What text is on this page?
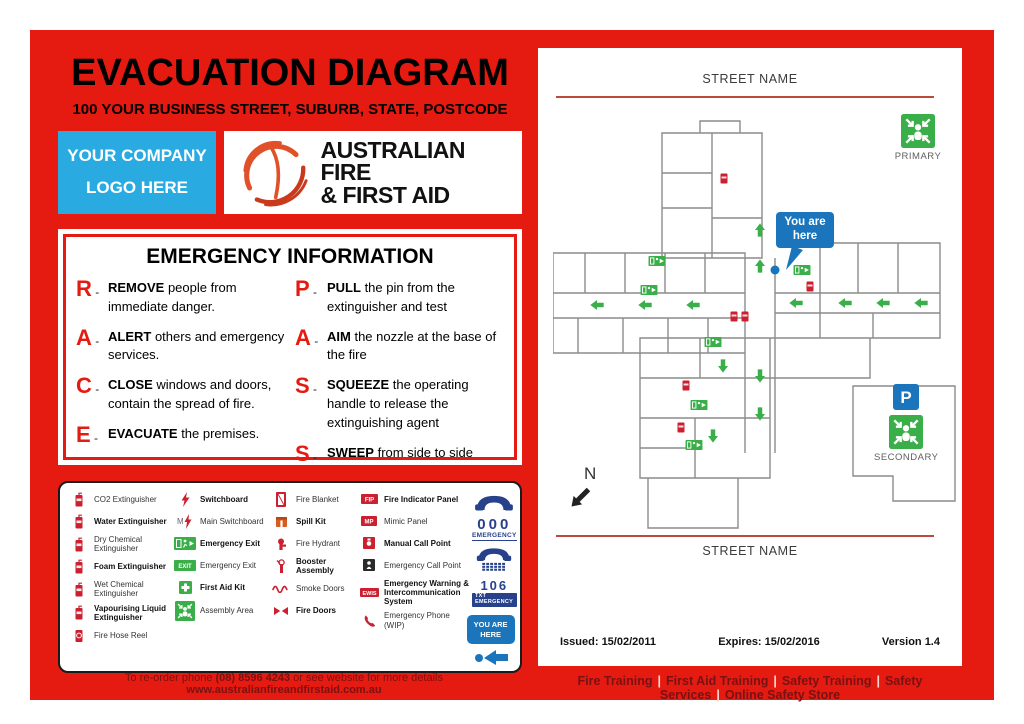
EVACUATION DIAGRAM
100 YOUR BUSINESS STREET, SUBURB, STATE, POSTCODE
YOUR COMPANY
LOGO HERE
AUSTRALIAN FIRE
& FIRST AID
EMERGENCY INFORMATION
R - REMOVE people from immediate danger.
A - ALERT others and emergency services.
C - CLOSE windows and doors, contain the spread of fire.
E - EVACUATE the premises.
P - PULL the pin from the extinguisher and test
A - AIM the nozzle at the base of the fire
S - SQUEEZE the operating handle to release the extinguishing agent
S - SWEEP from side to side
CO2 Extinguisher
Water Extinguisher
Dry Chemical Extinguisher
Foam Extinguisher
Wet Chemical Extinguisher
Vapourising Liquid Extinguisher
Fire Hose Reel
Switchboard
M Main Switchboard
Emergency Exit
EXIT Emergency Exit
First Aid Kit
Assembly Area
Fire Blanket
Spill Kit
Fire Hydrant
Booster Assembly
Smoke Doors
Fire Doors
FIP Fire Indicator Panel
MP Mimic Panel
Manual Call Point
Emergency Call Point
EWIS
Emergency Warning & Intercommunication System
Emergency Phone (WIP)
000
EMERGENCY
106
TXT EMERGENCY
YOU ARE
HERE
To re-order phone (08) 8596 4243 or see website for more details www.australianfireandfirstaid.com.au
STREET NAME
You are
here
PRIMARY
P

SECONDARY
N
STREET NAME
Issued: 15/02/2011	Expires: 15/02/2016	Version 1.4
Fire Training | First Aid Training | Safety Training | Safety Services | Online Safety Store
